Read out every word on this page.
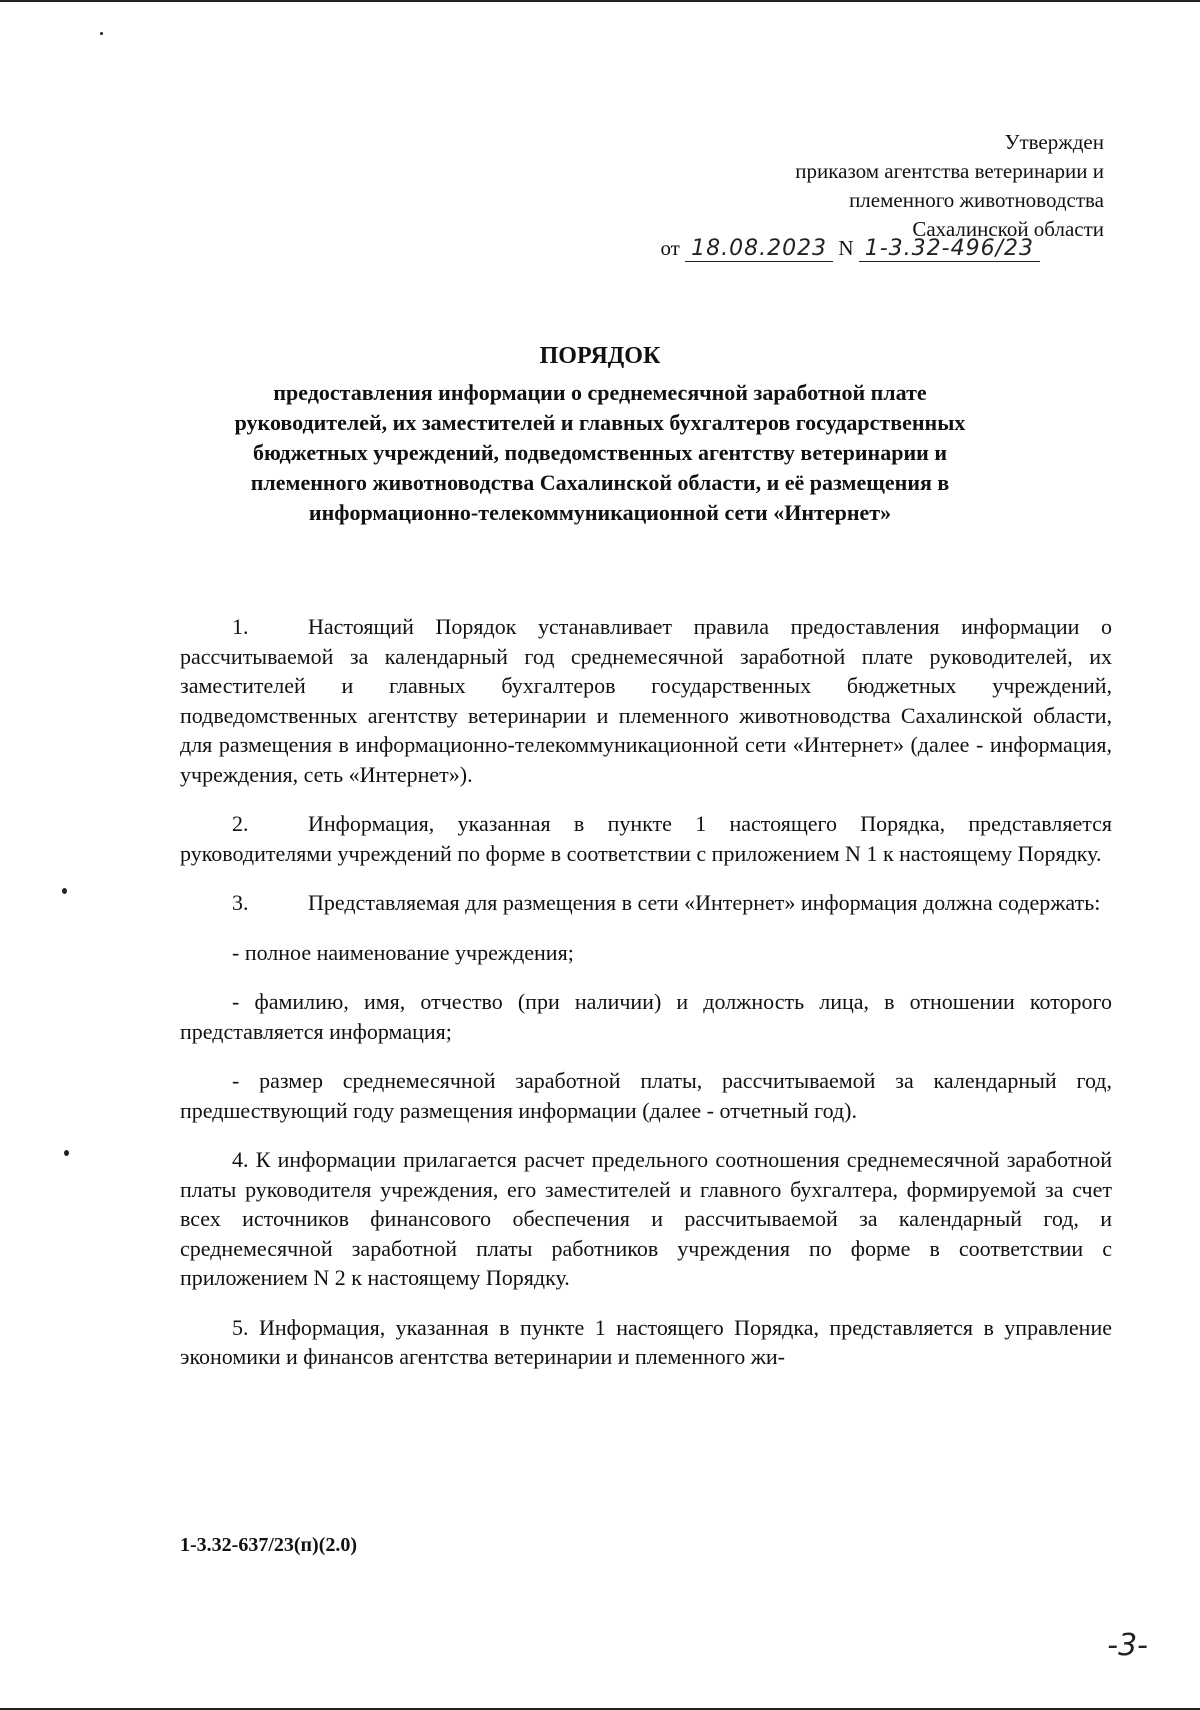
Утвержден
приказом агентства ветеринарии и
племенного животноводства
Сахалинской области
от 18.08.2023 N 1-3.32-496/23
ПОРЯДОК
предоставления информации о среднемесячной заработной плате руководителей, их заместителей и главных бухгалтеров государственных бюджетных учреждений, подведомственных агентству ветеринарии и племенного животноводства Сахалинской области, и её размещения в информационно-телекоммуникационной сети «Интернет»

1.	Настоящий Порядок устанавливает правила предоставления информации о рассчитываемой за календарный год среднемесячной заработной плате руководителей, их заместителей и главных бухгалтеров государственных бюджетных учреждений, подведомственных агентству ветеринарии и племенного животноводства Сахалинской области, для размещения в информационно-телекоммуникационной сети «Интернет» (далее - информация, учреждения, сеть «Интернет»).

2.	Информация, указанная в пункте 1 настоящего Порядка, представляется руководителями учреждений по форме в соответствии с приложением N 1 к настоящему Порядку.

3.	Представляемая для размещения в сети «Интернет» информация должна содержать:

- полное наименование учреждения;

- фамилию, имя, отчество (при наличии) и должность лица, в отношении которого представляется информация;

- размер среднемесячной заработной платы, рассчитываемой за календарный год, предшествующий году размещения информации (далее - отчетный год).

4. К информации прилагается расчет предельного соотношения среднемесячной заработной платы руководителя учреждения, его заместителей и главного бухгалтера, формируемой за счет всех источников финансового обеспечения и рассчитываемой за календарный год, и среднемесячной заработной платы работников учреждения по форме в соответствии с приложением N 2 к настоящему Порядку.

5. Информация, указанная в пункте 1 настоящего Порядка, представляется в управление экономики и финансов агентства ветеринарии и племенного жи-

1-3.32-637/23(п)(2.0)
-3-
